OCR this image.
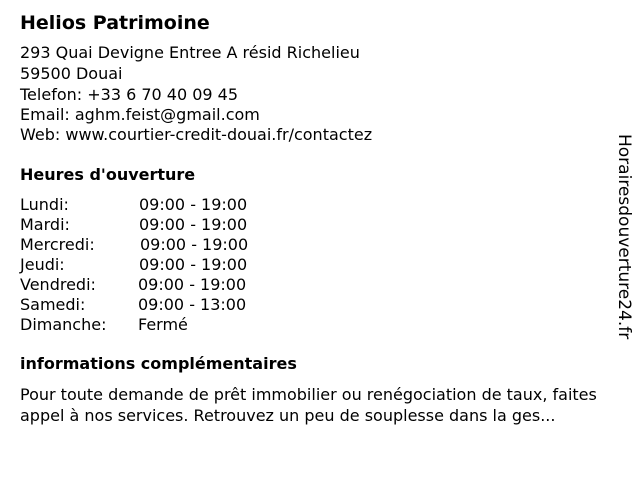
Helios Patrimoine
293 Quai Devigne Entree A résid Richelieu
59500 Douai
Telefon: +33 6 70 40 09 45
Email: aghm.feist@gmail.com
Web: www.courtier-credit-douai.fr/contactez
Heures d'ouverture
Lundi:	09:00 - 19:00
Mardi:	09:00 - 19:00
Mercredi:	09:00 - 19:00
Jeudi:	09:00 - 19:00
Vendredi:	09:00 - 19:00
Samedi:	09:00 - 13:00
Dimanche: Fermé
informations complémentaires
Pour toute demande de prêt immobilier ou renégociation de taux, faites appel à nos services. Retrouvez un peu de souplesse dans la ges...
Horairesdouverture24.fr
